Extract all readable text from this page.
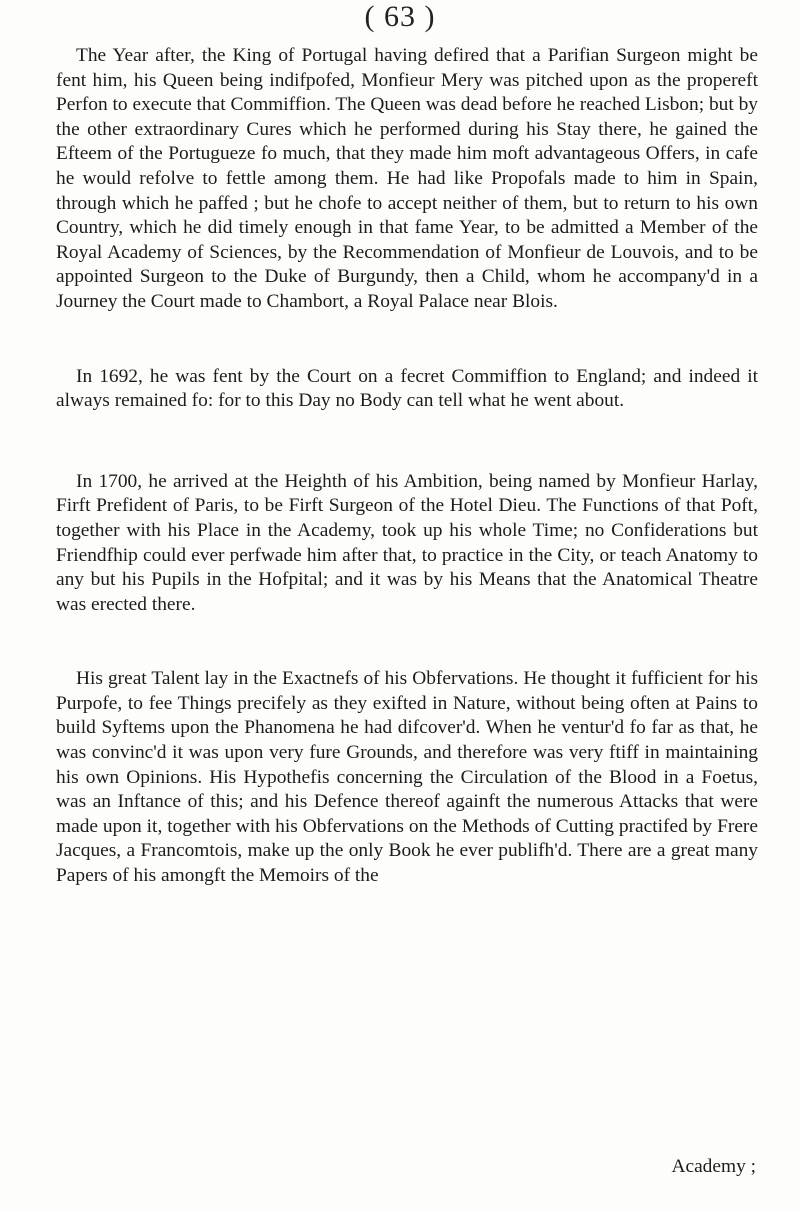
( 63 )

The Year after, the King of Portugal having defired that a Parifian Surgeon might be fent him, his Queen being indifpofed, Monfieur Mery was pitched upon as the propereft Perfon to execute that Commiffion. The Queen was dead before he reached Lisbon; but by the other extraordinary Cures which he performed during his Stay there, he gained the Efteem of the Portugueze fo much, that they made him moft advantageous Offers, in cafe he would refolve to fettle among them. He had like Propofals made to him in Spain, through which he paffed ; but he chofe to accept neither of them, but to return to his own Country, which he did timely enough in that fame Year, to be admitted a Member of the Royal Academy of Sciences, by the Recommendation of Monfieur de Louvois, and to be appointed Surgeon to the Duke of Burgundy, then a Child, whom he accompany'd in a Journey the Court made to Chambort, a Royal Palace near Blois.

In 1692, he was fent by the Court on a fecret Commiffion to England; and indeed it always remained fo: for to this Day no Body can tell what he went about.

In 1700, he arrived at the Heighth of his Ambition, being named by Monfieur Harlay, Firft Prefident of Paris, to be Firft Surgeon of the Hotel Dieu. The Functions of that Poft, together with his Place in the Academy, took up his whole Time; no Confiderations but Friendfhip could ever perfwade him after that, to practice in the City, or teach Anatomy to any but his Pupils in the Hofpital; and it was by his Means that the Anatomical Theatre was erected there.

His great Talent lay in the Exactnefs of his Obfervations. He thought it fufficient for his Purpofe, to fee Things precifely as they exifted in Nature, without being often at Pains to build Syftems upon the Phanomena he had difcover'd. When he ventur'd fo far as that, he was convinc'd it was upon very fure Grounds, and therefore was very ftiff in maintaining his own Opinions. His Hypothefis concerning the Circulation of the Blood in a Foetus, was an Inftance of this; and his Defence thereof againft the numerous Attacks that were made upon it, together with his Obfervations on the Methods of Cutting practifed by Frere Jacques, a Francomtois, make up the only Book he ever publifh'd. There are a great many Papers of his amongft the Memoirs of the

Academy ;
